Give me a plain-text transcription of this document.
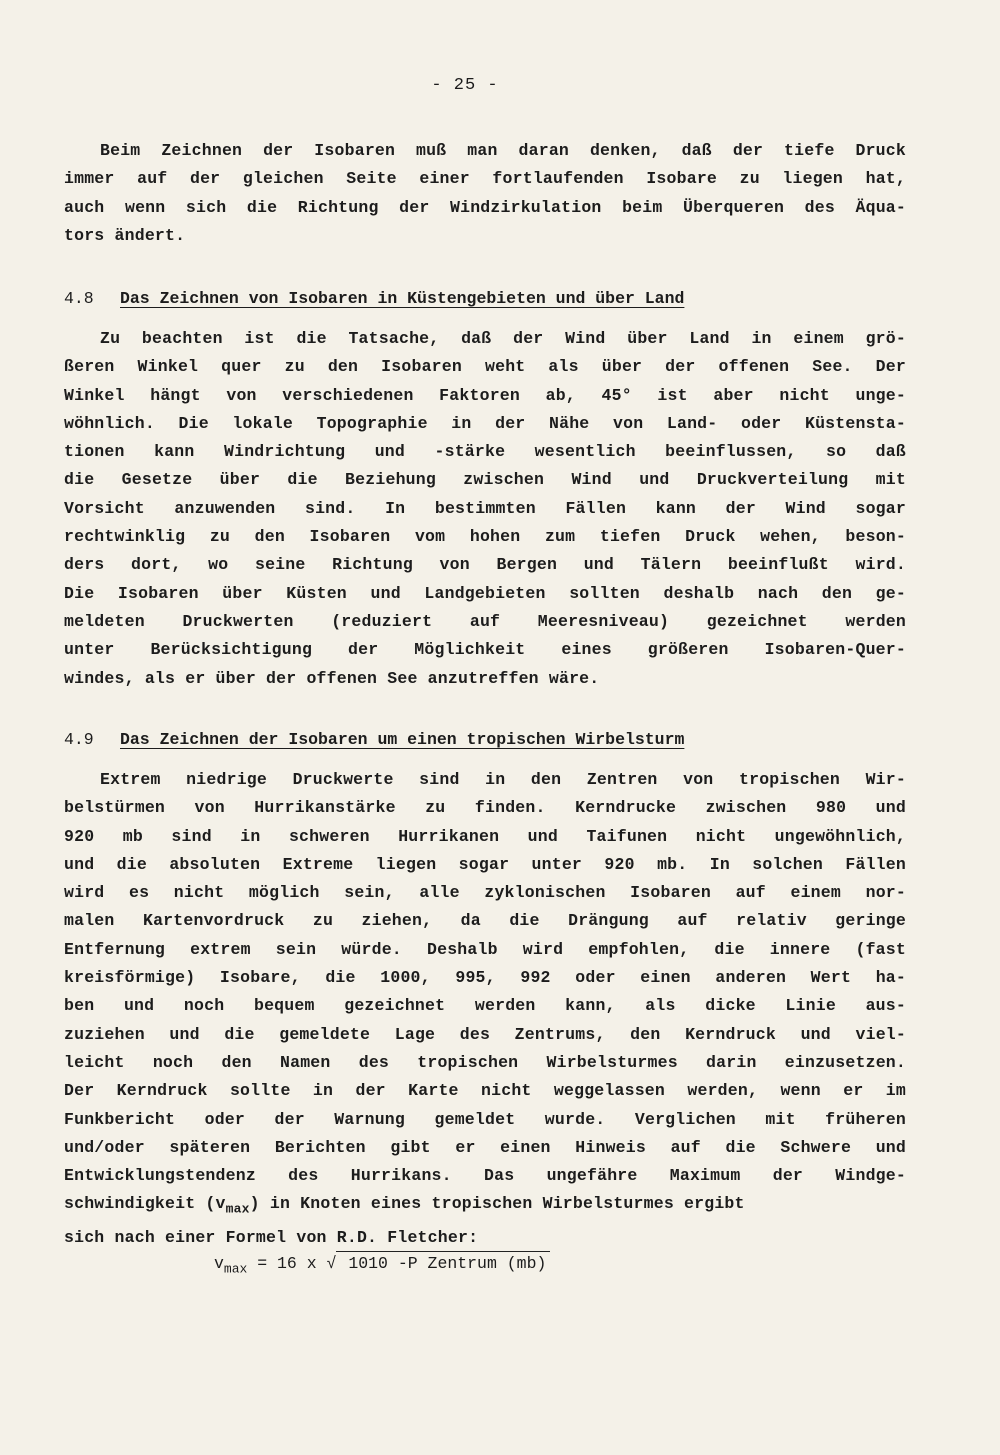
- 25 -
Beim Zeichnen der Isobaren muß man daran denken, daß der tiefe Druck
immer auf der gleichen Seite einer fortlaufenden Isobare zu liegen hat,
auch wenn sich die Richtung der Windzirkulation beim Überqueren des Äqua-
tors ändert.
4.8 Das Zeichnen von Isobaren in Küstengebieten und über Land
Zu beachten ist die Tatsache, daß der Wind über Land in einem grö-
ßeren Winkel quer zu den Isobaren weht als über der offenen See. Der
Winkel hängt von verschiedenen Faktoren ab, 45° ist aber nicht unge-
wöhnlich. Die lokale Topographie in der Nähe von Land- oder Küstensta-
tionen kann Windrichtung und -stärke wesentlich beeinflussen, so daß
die Gesetze über die Beziehung zwischen Wind und Druckverteilung mit
Vorsicht anzuwenden sind. In bestimmten Fällen kann der Wind sogar
rechtwinklig zu den Isobaren vom hohen zum tiefen Druck wehen, beson-
ders dort, wo seine Richtung von Bergen und Tälern beeinflußt wird.
Die Isobaren über Küsten und Landgebieten sollten deshalb nach den ge-
meldeten Druckwerten (reduziert auf Meeresniveau) gezeichnet werden
unter Berücksichtigung der Möglichkeit eines größeren Isobaren-Quer-
windes, als er über der offenen See anzutreffen wäre.
4.9 Das Zeichnen der Isobaren um einen tropischen Wirbelsturm
Extrem niedrige Druckwerte sind in den Zentren von tropischen Wir-
belstürmen von Hurrikanstärke zu finden. Kerndrucke zwischen 980 und
920 mb sind in schweren Hurrikanen und Taifunen nicht ungewöhnlich,
und die absoluten Extreme liegen sogar unter 920 mb. In solchen Fällen
wird es nicht möglich sein, alle zyklonischen Isobaren auf einem nor-
malen Kartenvordruck zu ziehen, da die Drängung auf relativ geringe
Entfernung extrem sein würde. Deshalb wird empfohlen, die innere (fast
kreisförmige) Isobare, die 1000, 995, 992 oder einen anderen Wert ha-
ben und noch bequem gezeichnet werden kann, als dicke Linie aus-
zuziehen und die gemeldete Lage des Zentrums, den Kerndruck und viel-
leicht noch den Namen des tropischen Wirbelsturmes darin einzusetzen.
Der Kerndruck sollte in der Karte nicht weggelassen werden, wenn er im
Funkbericht oder der Warnung gemeldet wurde. Verglichen mit früheren
und/oder späteren Berichten gibt er einen Hinweis auf die Schwere und
Entwicklungstendenz des Hurrikans. Das ungefähre Maximum der Windge-
schwindigkeit $(v_{max})$ in Knoten eines tropischen Wirbelsturmes ergibt
sich nach einer Formel von R.D. Fletcher:
$v_{max} = 16$ x √ 1010 -P Zentrum (mb)
